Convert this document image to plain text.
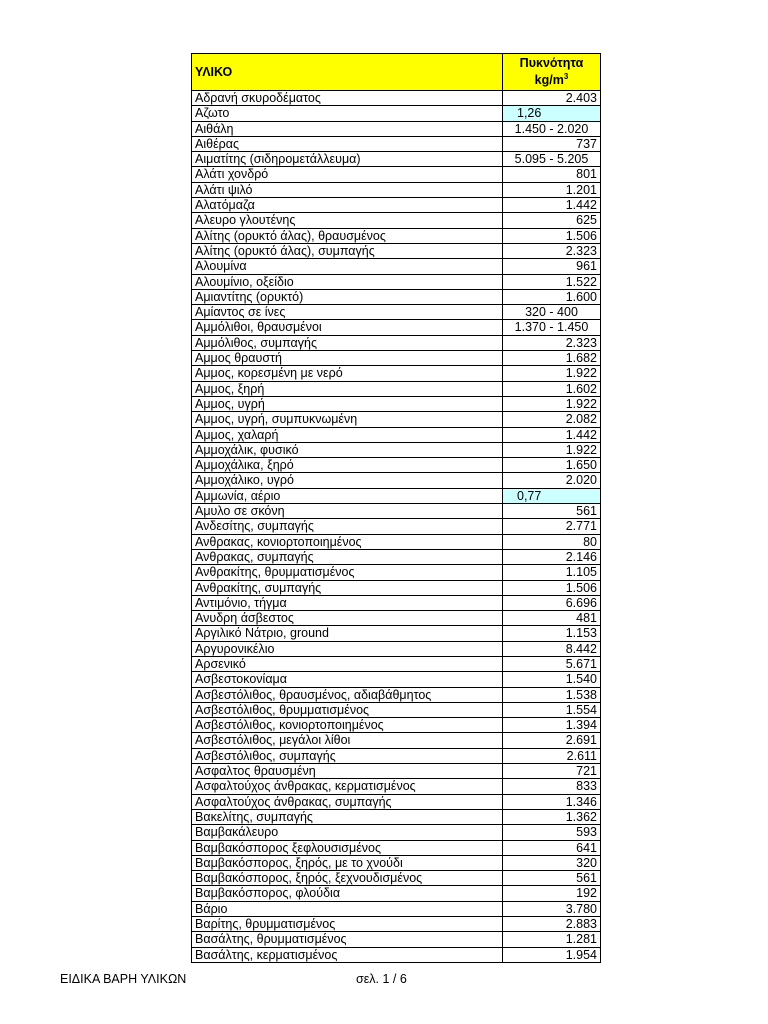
ΥΛΙΚΟ	Πυκνότητα
$kg/m^3$
Αδρανή σκυροδέματος	2.403
Αζωτο	1,26
Αιθάλη	1.450 - 2.020
Αιθέρας	737
Αιματίτης (σιδηρομετάλλευμα)	5.095 - 5.205
Αλάτι χονδρό	801
Αλάτι ψιλό	1.201
Αλατόμαζα	1.442
Αλευρο γλουτένης	625
Αλίτης (ορυκτό άλας), θραυσμένος	1.506
Αλίτης (ορυκτό άλας), συμπαγής	2.323
Αλουμίνα	961
Αλουμίνιο, οξείδιο	1.522
Αμιαντίτης (ορυκτό)	1.600
Αμίαντος σε ίνες	320 - 400
Αμμόλιθοι, θραυσμένοι	1.370 - 1.450
Αμμόλιθος, συμπαγής	2.323
Αμμος θραυστή	1.682
Αμμος, κορεσμένη με νερό	1.922
Αμμος, ξηρή	1.602
Αμμος, υγρή	1.922
Αμμος, υγρή, συμπυκνωμένη	2.082
Αμμος, χαλαρή	1.442
Αμμοχάλικ, φυσικό	1.922
Αμμοχάλικα, ξηρό	1.650
Αμμοχάλικο, υγρό	2.020
Αμμωνία, αέριο	0,77
Αμυλο σε σκόνη	561
Ανδεσίτης, συμπαγής	2.771
Ανθρακας, κονιορτοποιημένος	80
Ανθρακας, συμπαγής	2.146
Ανθρακίτης, θρυμματισμένος	1.105
Ανθρακίτης, συμπαγής	1.506
Αντιμόνιο, τήγμα	6.696
Ανυδρη άσβεστος	481
Αργιλικό Νάτριο, ground	1.153
Αργυρονικέλιο	8.442
Αρσενικό	5.671
Ασβεστοκονίαμα	1.540
Ασβεστόλιθος, θραυσμένος, αδιαβάθμητος	1.538
Ασβεστόλιθος, θρυμματισμένος	1.554
Ασβεστόλιθος, κονιορτοποιημένος	1.394
Ασβεστόλιθος, μεγάλοι λίθοι	2.691
Ασβεστόλιθος, συμπαγής	2.611
Ασφαλτος θραυσμένη	721
Ασφαλτούχος άνθρακας, κερματισμένος	833
Ασφαλτούχος άνθρακας, συμπαγής	1.346
Βακελίτης, συμπαγής	1.362
Βαμβακάλευρο	593
Βαμβακόσπορος ξεφλουσισμένος	641
Βαμβακόσπορος, ξηρός, με το χνούδι	320
Βαμβακόσπορος, ξηρός, ξεχνουδισμένος	561
Βαμβακόσπορος, φλούδια	192
Βάριο	3.780
Βαρίτης, θρυμματισμένος	2.883
Βασάλτης, θρυμματισμένος	1.281
Βασάλτης, κερματισμένος	1.954
ΕΙΔΙΚΑ ΒΑΡΗ ΥΛΙΚΩΝ	σελ. 1 / 6
